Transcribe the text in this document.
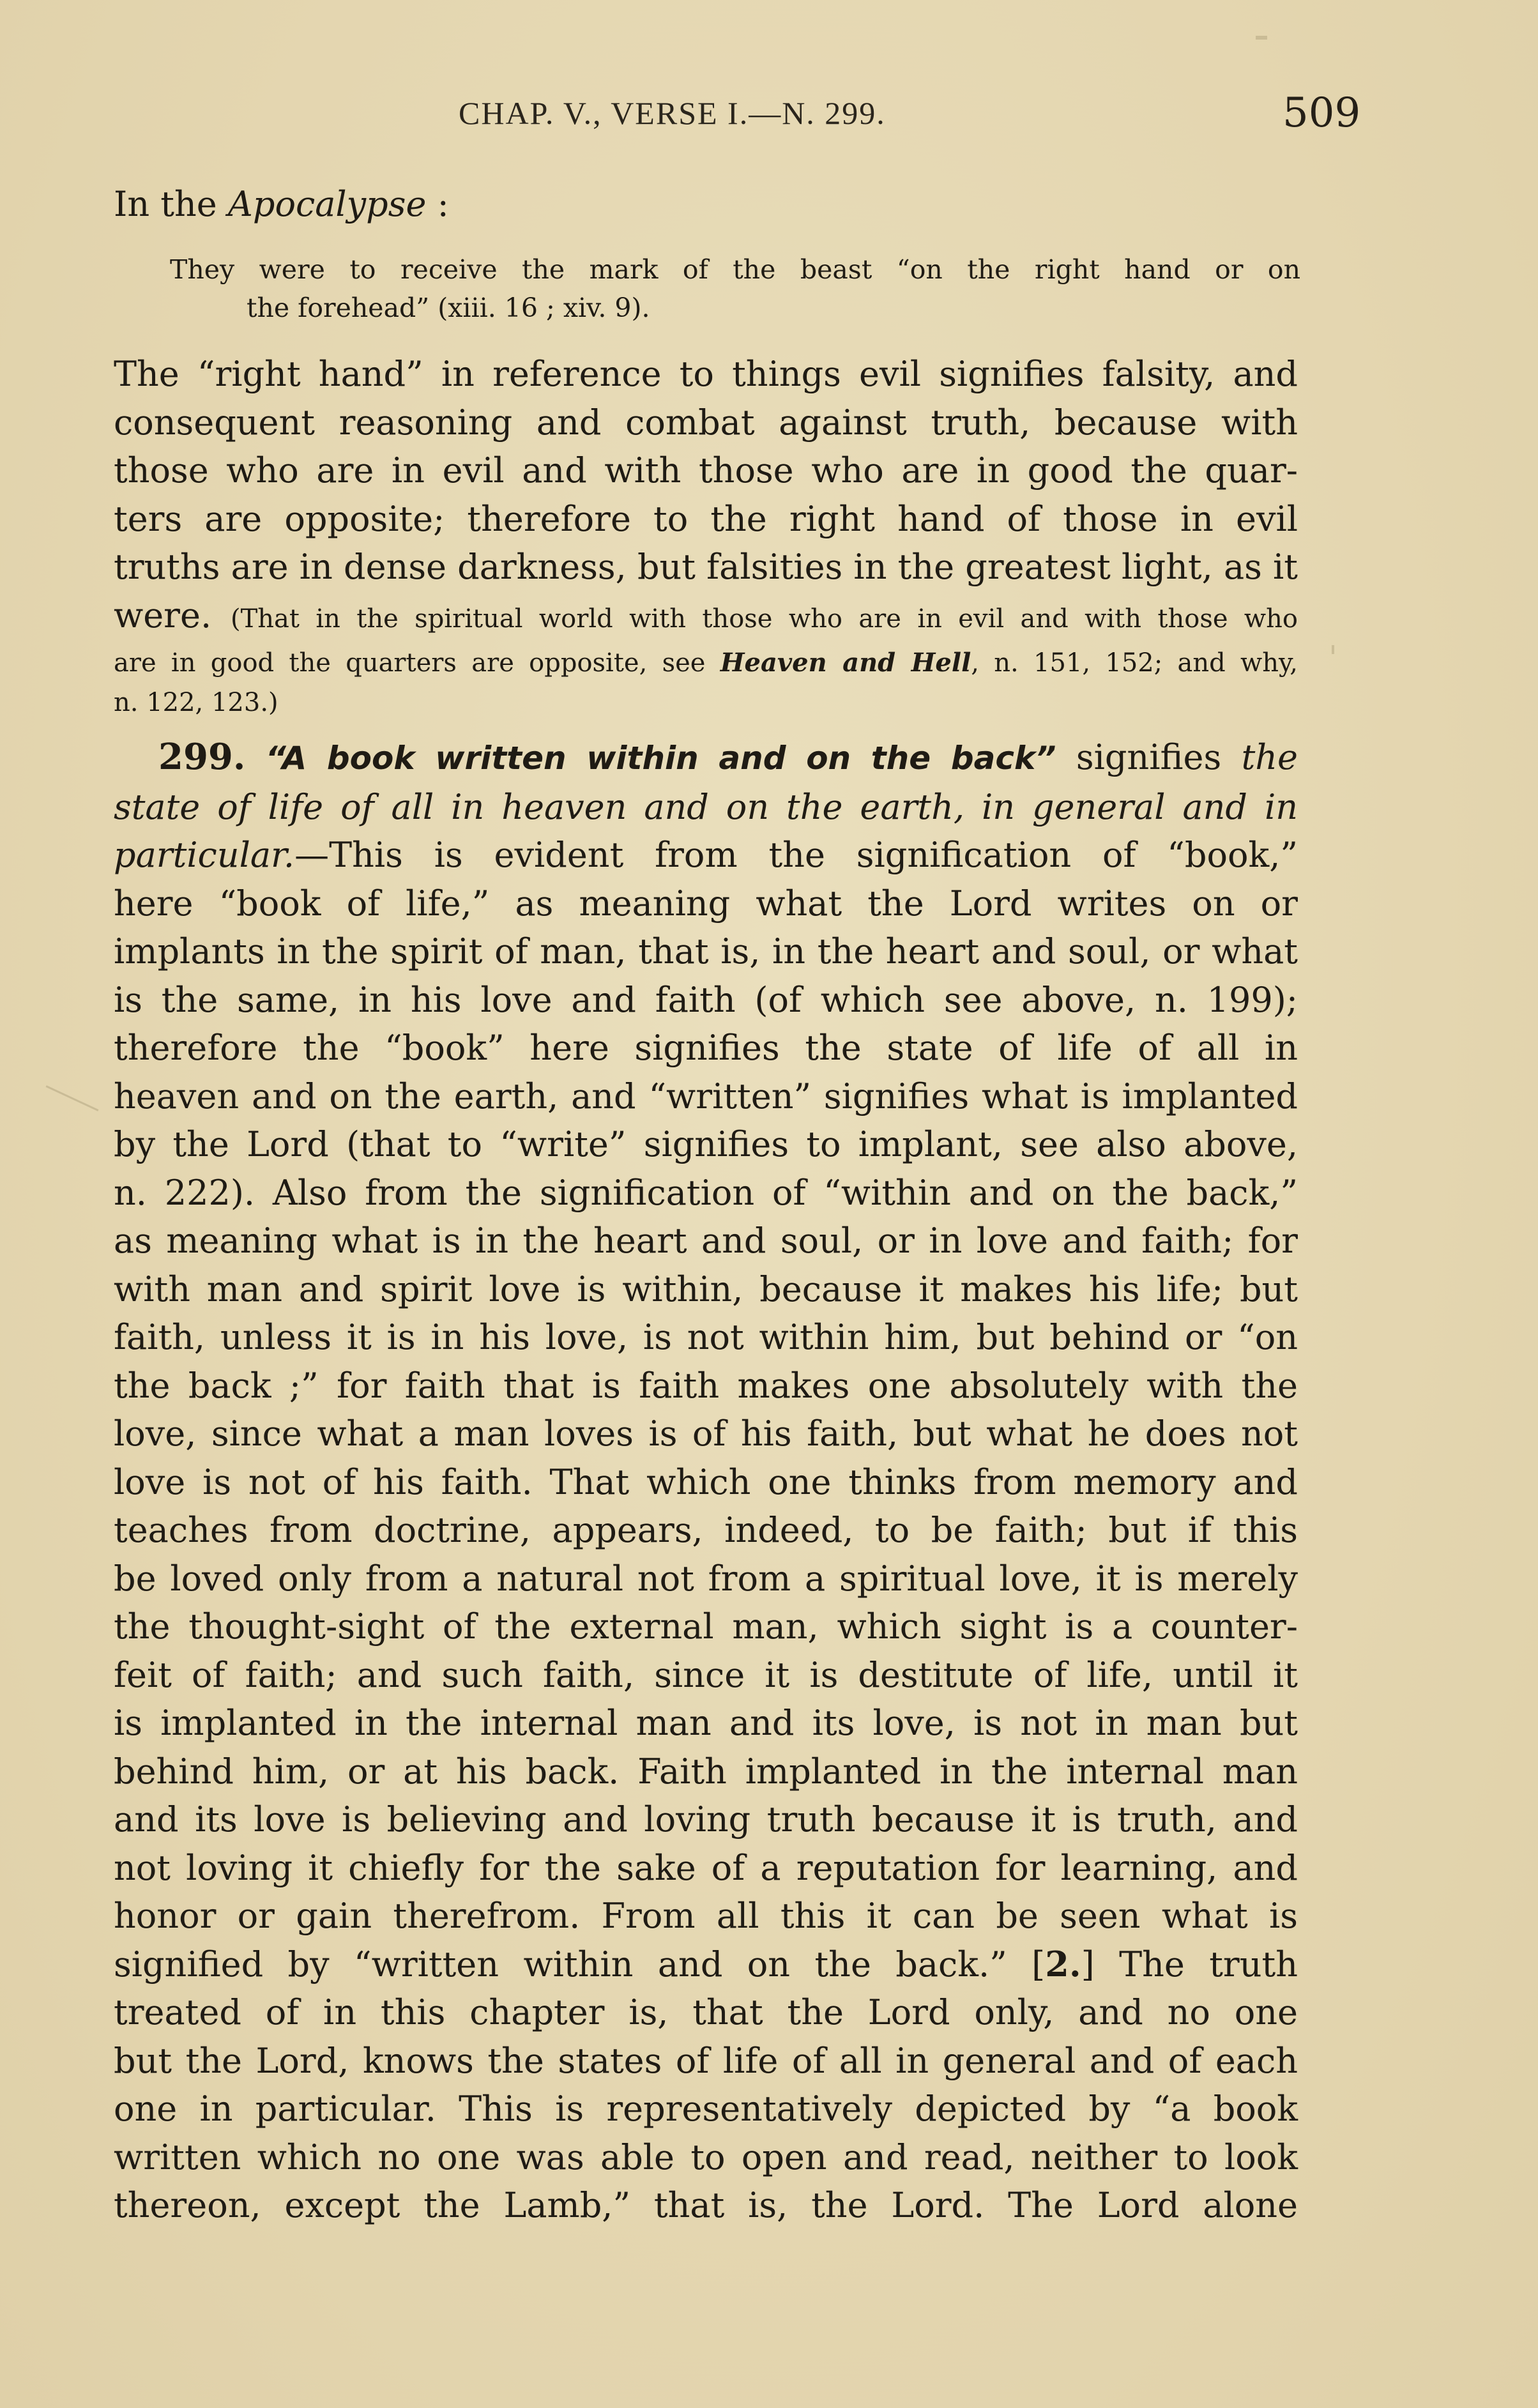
CHAP. V., VERSE I.—N. 299.	509
In the Apocalypse :
They were to receive the mark of the beast “on the right hand or on
the forehead” (xiii. 16 ; xiv. 9).
The “right hand” in reference to things evil signifies falsity, and
consequent reasoning and combat against truth, because with
those who are in evil and with those who are in good the quar-
ters are opposite; therefore to the right hand of those in evil
truths are in dense darkness, but falsities in the greatest light, as it
were. (That in the spiritual world with those who are in evil and with those who
are in good the quarters are opposite, see Heaven and Hell, n. 151, 152; and why,
n. 122, 123.)
299. “A book written within and on the back” signifies the
state of life of all in heaven and on the earth, in general and in
particular.—This is evident from the signification of “book,”
here “book of life,” as meaning what the Lord writes on or
implants in the spirit of man, that is, in the heart and soul, or what
is the same, in his love and faith (of which see above, n. 199);
therefore the “book” here signifies the state of life of all in
heaven and on the earth, and “written” signifies what is implanted
by the Lord (that to “write” signifies to implant, see also above,
n. 222). Also from the signification of “within and on the back,”
as meaning what is in the heart and soul, or in love and faith; for
with man and spirit love is within, because it makes his life; but
faith, unless it is in his love, is not within him, but behind or “on
the back ;” for faith that is faith makes one absolutely with the
love, since what a man loves is of his faith, but what he does not
love is not of his faith. That which one thinks from memory and
teaches from doctrine, appears, indeed, to be faith; but if this
be loved only from a natural not from a spiritual love, it is merely
the thought-sight of the external man, which sight is a counter-
feit of faith; and such faith, since it is destitute of life, until it
is implanted in the internal man and its love, is not in man but
behind him, or at his back. Faith implanted in the internal man
and its love is believing and loving truth because it is truth, and
not loving it chiefly for the sake of a reputation for learning, and
honor or gain therefrom. From all this it can be seen what is
signified by “written within and on the back.” [2.] The truth
treated of in this chapter is, that the Lord only, and no one
but the Lord, knows the states of life of all in general and of each
one in particular. This is representatively depicted by “a book
written which no one was able to open and read, neither to look
thereon, except the Lamb,” that is, the Lord. The Lord alone
